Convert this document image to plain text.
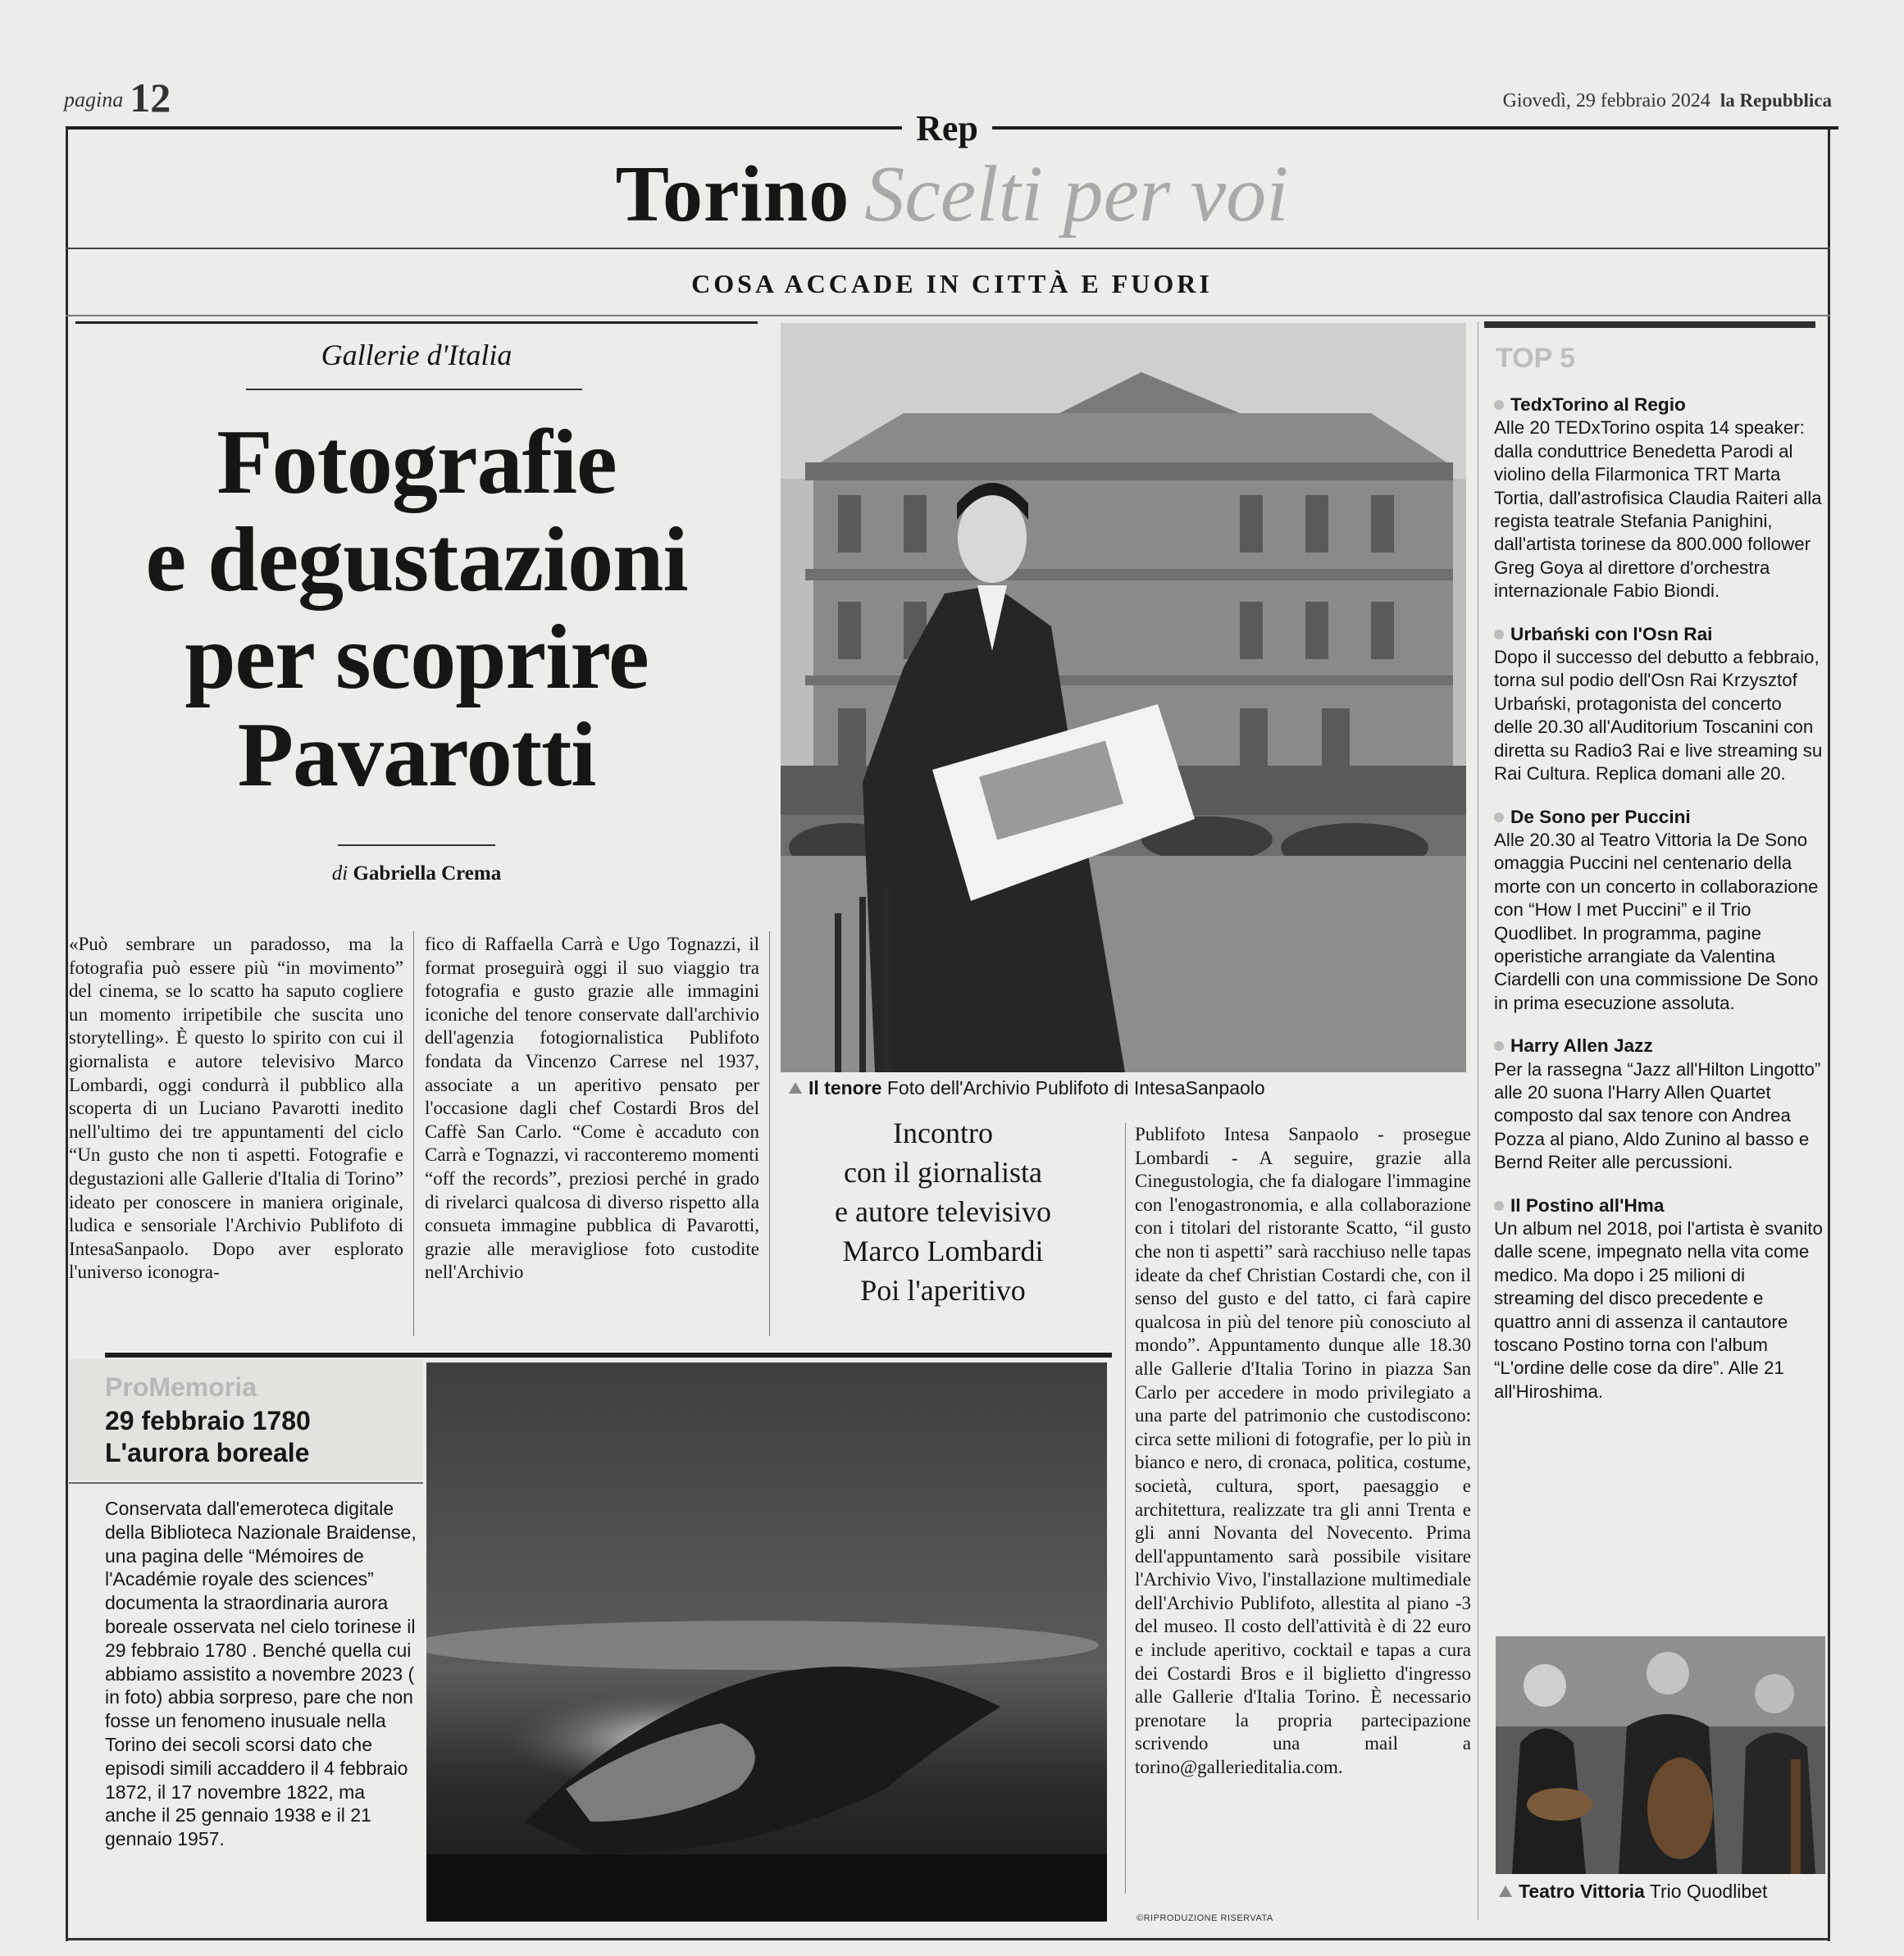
pagina 12	Giovedì, 29 febbraio 2024 la Repubblica
Rep
Torino Scelti per voi
COSA ACCADE IN CITTÀ E FUORI
Gallerie d'Italia
Fotografie
e degustazioni
per scoprire
Pavarotti
di Gabriella Crema

«Può sembrare un paradosso, ma la fotografia può essere più “in movimento” del cinema, se lo scatto ha saputo cogliere un momento irripetibile che suscita uno storytelling». È questo lo spirito con cui il giornalista e autore televisivo Marco Lombardi, oggi condurrà il pubblico alla scoperta di un Luciano Pavarotti inedito nell'ultimo dei tre appuntamenti del ciclo “Un gusto che non ti aspetti. Fotografie e degustazioni alle Gallerie d'Italia di Torino” ideato per conoscere in maniera originale, ludica e sensoriale l'Archivio Publifoto di IntesaSanpaolo. Dopo aver esplorato l'universo iconogra-

fico di Raffaella Carrà e Ugo Tognazzi, il format proseguirà oggi il suo viaggio tra fotografia e gusto grazie alle immagini iconiche del tenore conservate dall'archivio dell'agenzia fotogiornalistica Publifoto fondata da Vincenzo Carrese nel 1937, associate a un aperitivo pensato per l'occasione dagli chef Costardi Bros del Caffè San Carlo. “Come è accaduto con Carrà e Tognazzi, vi racconteremo momenti “off the records”, preziosi perché in grado di rivelarci qualcosa di diverso rispetto alla consueta immagine pubblica di Pavarotti, grazie alle meravigliose foto custodite nell'Archivio

Il tenore Foto dell'Archivio Publifoto di IntesaSanpaolo
Incontro
con il giornalista
e autore televisivo
Marco Lombardi
Poi l'aperitivo

Publifoto Intesa Sanpaolo - prosegue Lombardi - A seguire, grazie alla Cinegustologia, che fa dialogare l'immagine con l'enogastronomia, e alla collaborazione con i titolari del ristorante Scatto, “il gusto che non ti aspetti” sarà racchiuso nelle tapas ideate da chef Christian Costardi che, con il senso del gusto e del tatto, ci farà capire qualcosa in più del tenore più conosciuto al mondo”. Appuntamento dunque alle 18.30 alle Gallerie d'Italia Torino in piazza San Carlo per accedere in modo privilegiato a una parte del patrimonio che custodiscono: circa sette milioni di fotografie, per lo più in bianco e nero, di cronaca, politica, costume, società, cultura, sport, paesaggio e architettura, realizzate tra gli anni Trenta e gli anni Novanta del Novecento. Prima dell'appuntamento sarà possibile visitare l'Archivio Vivo, l'installazione multimediale dell'Archivio Publifoto, allestita al piano -3 del museo. Il costo dell'attività è di 22 euro e include aperitivo, cocktail e tapas a cura dei Costardi Bros e il biglietto d'ingresso alle Gallerie d'Italia Torino. È necessario prenotare la propria partecipazione scrivendo una mail a torino@gallerieditalia.com.

©RIPRODUZIONE RISERVATA
TOP 5
TedxTorino al Regio

Alle 20 TEDxTorino ospita 14 speaker: dalla conduttrice Benedetta Parodi al violino della Filarmonica TRT Marta Tortia, dall'astrofisica Claudia Raiteri alla regista teatrale Stefania Panighini, dall'artista torinese da 800.000 follower Greg Goya al direttore d'orchestra internazionale Fabio Biondi.

Urbański con l'Osn Rai

Dopo il successo del debutto a febbraio, torna sul podio dell'Osn Rai Krzysztof Urbański, protagonista del concerto delle 20.30 all'Auditorium Toscanini con diretta su Radio3 Rai e live streaming su Rai Cultura. Replica domani alle 20.

De Sono per Puccini

Alle 20.30 al Teatro Vittoria la De Sono omaggia Puccini nel centenario della morte con un concerto in collaborazione con “How I met Puccini” e il Trio Quodlibet. In programma, pagine operistiche arrangiate da Valentina Ciardelli con una commissione De Sono in prima esecuzione assoluta.

Harry Allen Jazz

Per la rassegna “Jazz all'Hilton Lingotto” alle 20 suona l'Harry Allen Quartet composto dal sax tenore con Andrea Pozza al piano, Aldo Zunino al basso e Bernd Reiter alle percussioni.

Il Postino all'Hma

Un album nel 2018, poi l'artista è svanito dalle scene, impegnato nella vita come medico. Ma dopo i 25 milioni di streaming del disco precedente e quattro anni di assenza il cantautore toscano Postino torna con l'album “L'ordine delle cose da dire”. Alle 21 all'Hiroshima.

Teatro Vittoria Trio Quodlibet
ProMemoria
29 febbraio 1780
L'aurora boreale
Conservata dall'emeroteca digitale della Biblioteca Nazionale Braidense, una pagina delle “Mémoires de l'Académie royale des sciences” documenta la straordinaria aurora boreale osservata nel cielo torinese il 29 febbraio 1780 . Benché quella cui abbiamo assistito a novembre 2023 ( in foto) abbia sorpreso, pare che non fosse un fenomeno inusuale nella Torino dei secoli scorsi dato che episodi simili accaddero il 4 febbraio 1872, il 17 novembre 1822, ma anche il 25 gennaio 1938 e il 21 gennaio 1957.
